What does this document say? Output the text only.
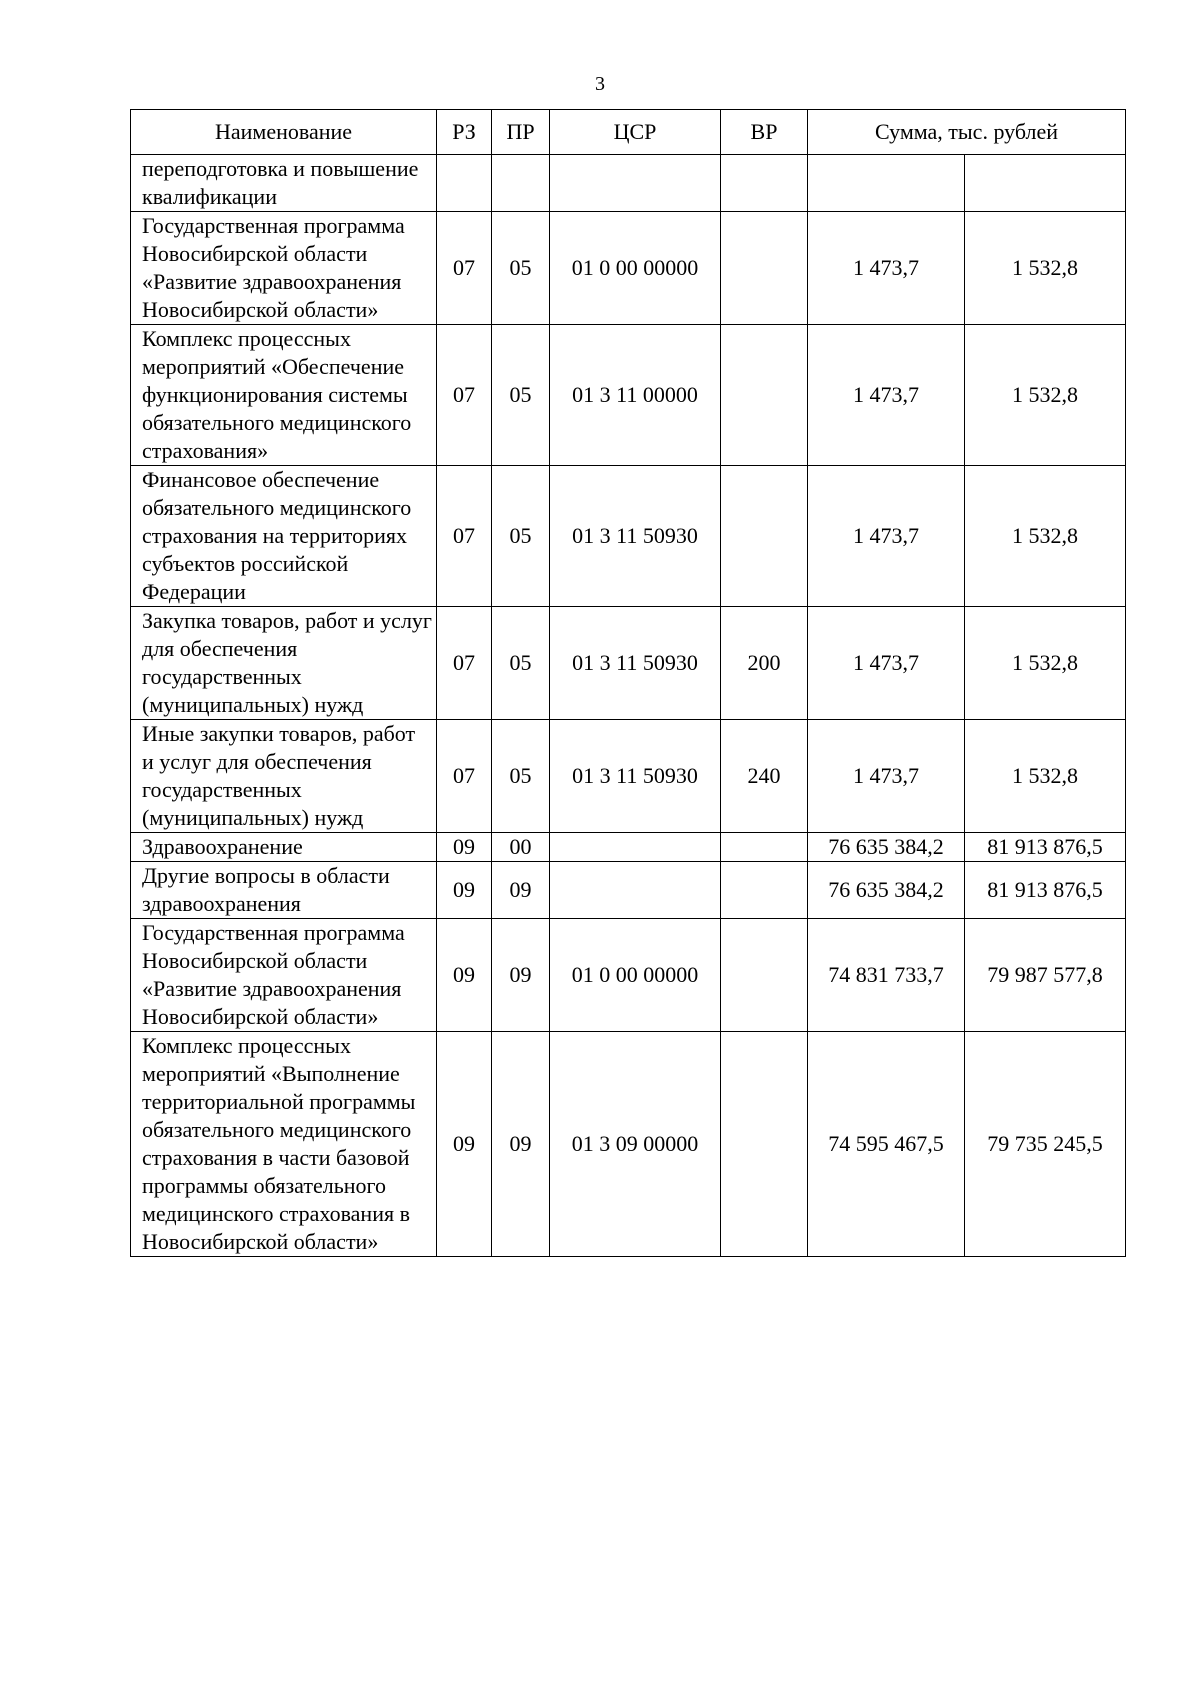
3
Наименование	РЗ	ПР	ЦСР	ВР	Сумма, тыс. рублей	
переподготовка и повышение квалификации						
Государственная программа Новосибирской области «Развитие здравоохранения Новосибирской области»	07	05	01 0 00 00000		1 473,7	1 532,8
Комплекс процессных мероприятий «Обеспечение функционирования системы обязательного медицинского страхования»	07	05	01 3 11 00000		1 473,7	1 532,8
Финансовое обеспечение обязательного медицинского страхования на территориях субъектов российской Федерации	07	05	01 3 11 50930		1 473,7	1 532,8
Закупка товаров, работ и услуг для обеспечения государственных (муниципальных) нужд	07	05	01 3 11 50930	200	1 473,7	1 532,8
Иные закупки товаров, работ и услуг для обеспечения государственных (муниципальных) нужд	07	05	01 3 11 50930	240	1 473,7	1 532,8
Здравоохранение	09	00			76 635 384,2	81 913 876,5
Другие вопросы в области здравоохранения	09	09			76 635 384,2	81 913 876,5
Государственная программа Новосибирской области «Развитие здравоохранения Новосибирской области»	09	09	01 0 00 00000		74 831 733,7	79 987 577,8
Комплекс процессных мероприятий «Выполнение территориальной программы обязательного медицинского страхования в части базовой программы обязательного медицинского страхования в Новосибирской области»	09	09	01 3 09 00000		74 595 467,5	79 735 245,5
